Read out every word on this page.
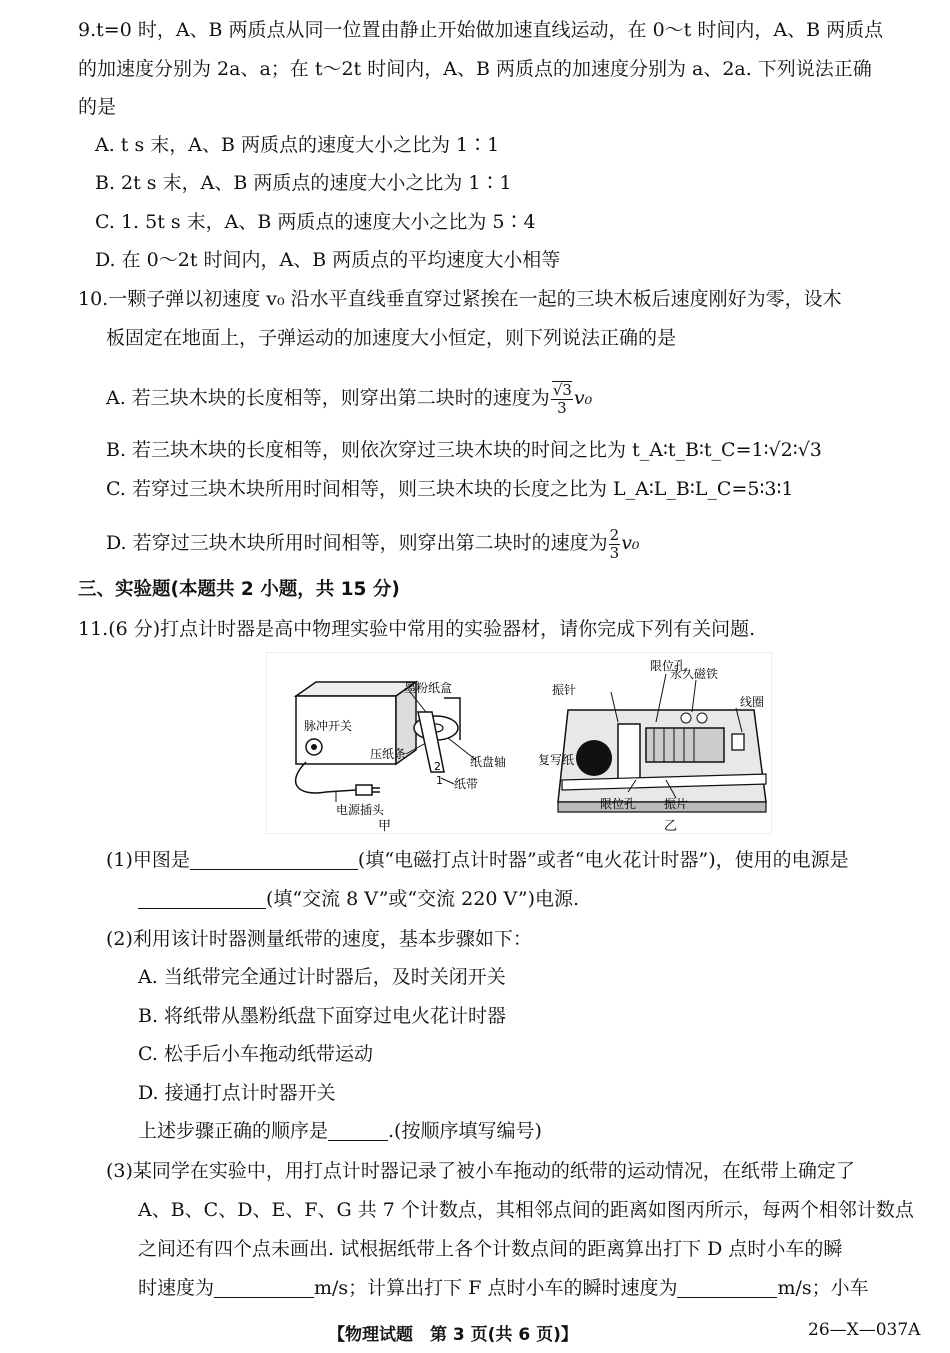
9.t=0 时，A、B 两质点从同一位置由静止开始做加速直线运动，在 0～t 时间内，A、B 两质点
的加速度分别为 2a、a；在 t～2t 时间内，A、B 两质点的加速度分别为 a、2a. 下列说法正确
的是
A. t s 末，A、B 两质点的速度大小之比为 1∶1
B. 2t s 末，A、B 两质点的速度大小之比为 1∶1
C. 1. 5t s 末，A、B 两质点的速度大小之比为 5∶4
D. 在 0～2t 时间内，A、B 两质点的平均速度大小相等
10.一颗子弹以初速度 v₀ 沿水平直线垂直穿过紧挨在一起的三块木板后速度刚好为零，设木
板固定在地面上，子弹运动的加速度大小恒定，则下列说法正确的是
A. 若三块木块的长度相等，则穿出第二块时的速度为 $\frac{√3}{3} v_0$
B. 若三块木块的长度相等，则依次穿过三块木块的时间之比为 t_A∶t_B∶t_C=1∶√2∶√3
C. 若穿过三块木块所用时间相等，则三块木块的长度之比为 L_A∶L_B∶L_C=5∶3∶1
D. 若穿过三块木块所用时间相等，则穿出第二块时的速度为 $\frac{2}{3} v_0$
三、实验题(本题共 2 小题，共 15 分)
11.(6 分)打点计时器是高中物理实验中常用的实验器材，请你完成下列有关问题.
脉冲开关
墨粉纸盒
压纸条
纸盘轴
纸带
电源插头
2
1
甲
限位孔
永久磁铁
振针
线圈
复写纸
限位孔 振片
乙
(1)甲图是	(填“电磁打点计时器”或者“电火花计时器”)，使用的电源是
(填“交流 8 V”或“交流 220 V”)电源.
(2)利用该计时器测量纸带的速度，基本步骤如下：
A. 当纸带完全通过计时器后，及时关闭开关
B. 将纸带从墨粉纸盘下面穿过电火花计时器
C. 松手后小车拖动纸带运动
D. 接通打点计时器开关
上述步骤正确的顺序是	.(按顺序填写编号)
(3)某同学在实验中，用打点计时器记录了被小车拖动的纸带的运动情况，在纸带上确定了
A、B、C、D、E、F、G 共 7 个计数点，其相邻点间的距离如图丙所示，每两个相邻计数点
之间还有四个点未画出. 试根据纸带上各个计数点间的距离算出打下 D 点时小车的瞬
时速度为	m/s；计算出打下 F 点时小车的瞬时速度为	m/s；小车
【物理试题　第 3 页(共 6 页)】	26—X—037A
